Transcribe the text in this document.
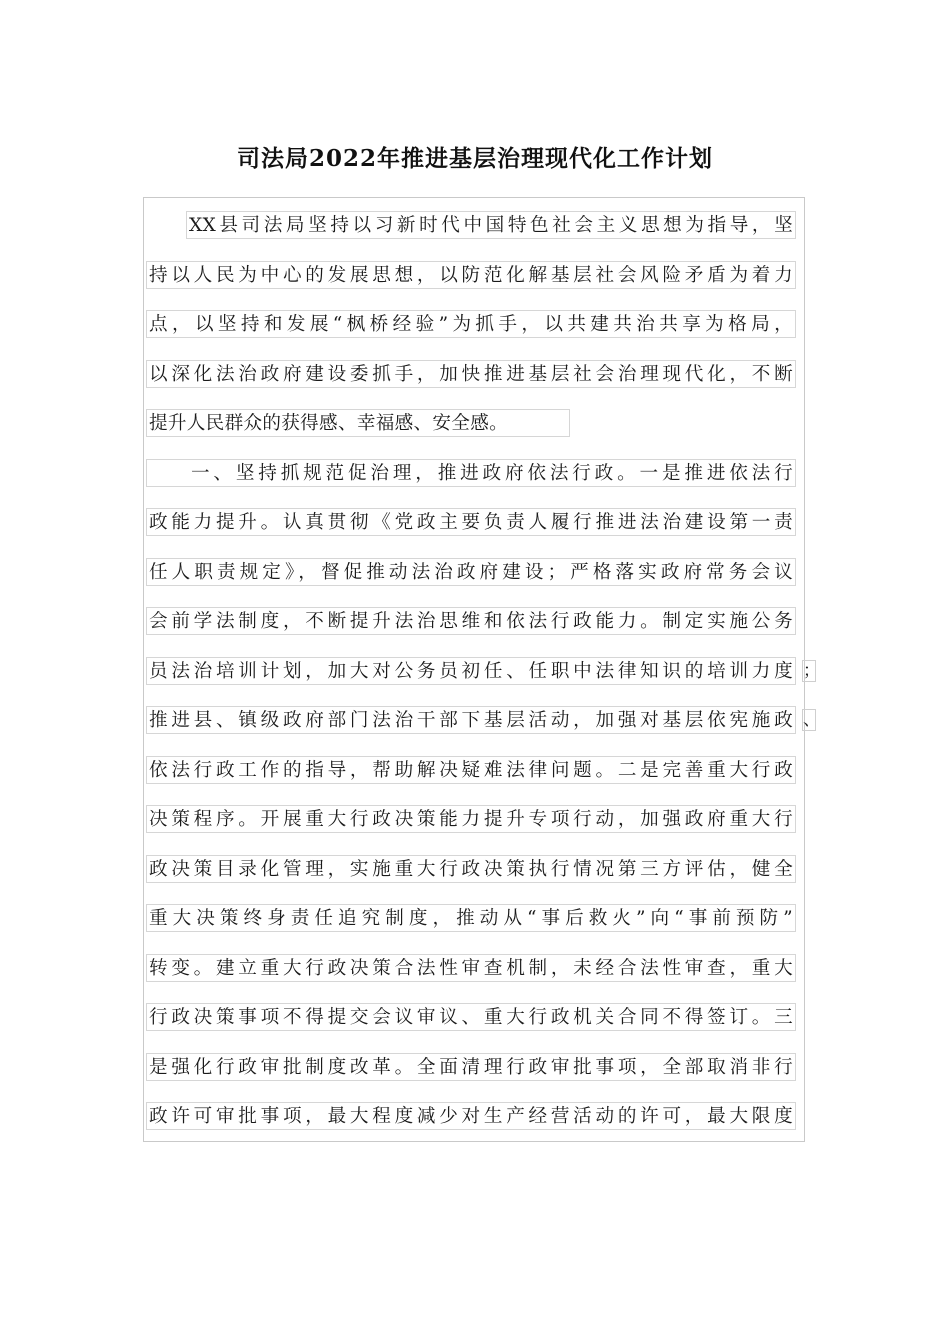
司法局2022年推进基层治理现代化工作计划
XX县司法局坚持以习新时代中国特色社会主义思想为指导，坚
持以人民为中心的发展思想，以防范化解基层社会风险矛盾为着力
点，以坚持和发展“枫桥经验”为抓手，以共建共治共享为格局，
以深化法治政府建设委抓手，加快推进基层社会治理现代化，不断
提升人民群众的获得感、幸福感、安全感。
一、坚持抓规范促治理，推进政府依法行政。一是推进依法行
政能力提升。认真贯彻《党政主要负责人履行推进法治建设第一责
任人职责规定》，督促推动法治政府建设；严格落实政府常务会议
会前学法制度，不断提升法治思维和依法行政能力。制定实施公务
员法治培训计划，加大对公务员初任、任职中法律知识的培训力度
推进县、镇级政府部门法治干部下基层活动，加强对基层依宪施政
依法行政工作的指导，帮助解决疑难法律问题。二是完善重大行政
决策程序。开展重大行政决策能力提升专项行动，加强政府重大行
政决策目录化管理，实施重大行政决策执行情况第三方评估，健全
重大决策终身责任追究制度，推动从“事后救火”向“事前预防”
转变。建立重大行政决策合法性审查机制，未经合法性审查，重大
行政决策事项不得提交会议审议、重大行政机关合同不得签订。三
是强化行政审批制度改革。全面清理行政审批事项，全部取消非行
政许可审批事项，最大程度减少对生产经营活动的许可，最大限度
；
、
